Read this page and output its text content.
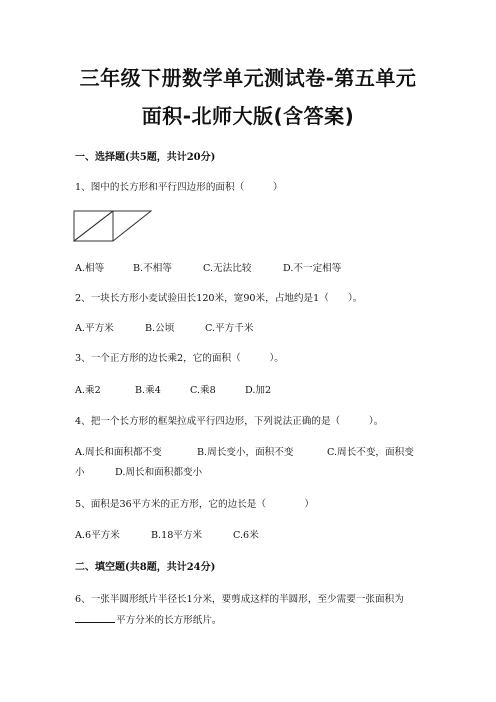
三年级下册数学单元测试卷-第五单元
面积-北师大版(含答案)
一、选择题(共5题，共计20分)
1、图中的长方形和平行四边形的面积（　　　）
A.相等	B.不相等	C.无法比较	D.不一定相等
2、一块长方形小麦试验田长120米，宽90米，占地约是1（　　）。
A.平方米	B.公顷	C.平方千米
3、一个正方形的边长乘2，它的面积（　　　）。
A.乘2	B.乘4	C.乘8	D.加2
4、把一个长方形的框架拉成平行四边形，下列说法正确的是（　　　）。
A.周长和面积都不变	B.周长变小，面积不变	C.周长不变，面积变
小	D.周长和面积都变小
5、面积是36平方米的正方形，它的边长是（　　　　）
A.6平方米	B.18平方米	C.6米
二、填空题(共8题，共计24分)
6、一张半圆形纸片半径长1分米，要剪成这样的半圆形，至少需要一张面积为
平方分米的长方形纸片。
